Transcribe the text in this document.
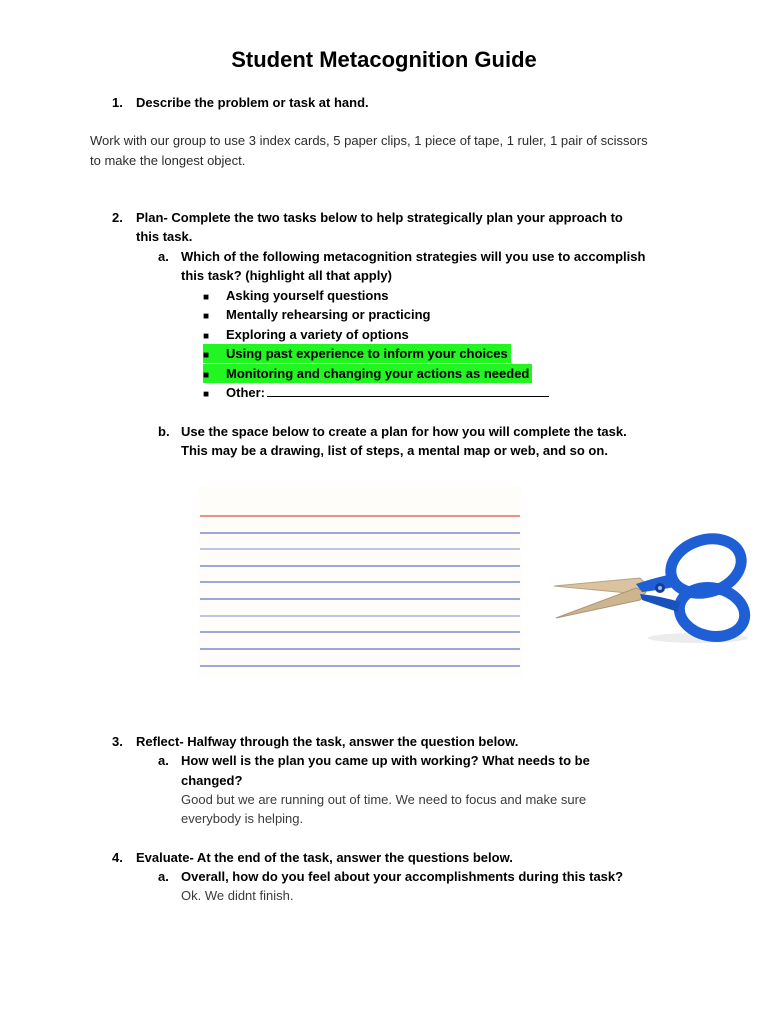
Student Metacognition Guide
1. Describe the problem or task at hand.
Work with our group to use 3 index cards, 5 paper clips, 1 piece of tape, 1 ruler, 1 pair of scissors to make the longest object.
2. Plan- Complete the two tasks below to help strategically plan your approach to
this task.
a. Which of the following metacognition strategies will you use to accomplish
this task? (highlight all that apply)
■ Asking yourself questions
■ Mentally rehearsing or practicing
■ Exploring a variety of options
■ Using past experience to inform your choices
■ Monitoring and changing your actions as needed
■ Other:
b. Use the space below to create a plan for how you will complete the task.
This may be a drawing, list of steps, a mental map or web, and so on.
3. Reflect- Halfway through the task, answer the question below.
a. How well is the plan you came up with working? What needs to be
changed?
Good but we are running out of time. We need to focus and make sure
everybody is helping.
4. Evaluate- At the end of the task, answer the questions below.
a. Overall, how do you feel about your accomplishments during this task?
Ok. We didnt finish.
